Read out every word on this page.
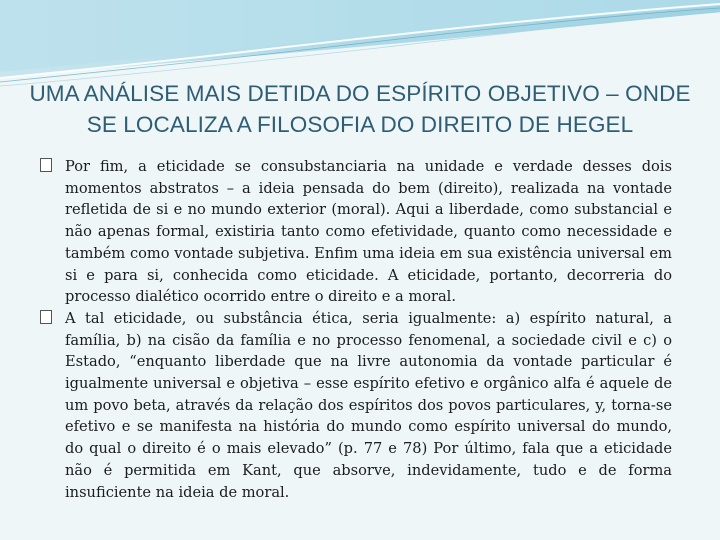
UMA ANÁLISE MAIS DETIDA DO ESPÍRITO OBJETIVO – ONDE SE LOCALIZA A FILOSOFIA DO DIREITO DE HEGEL
Por fim, a eticidade se consubstanciaria na unidade e verdade desses dois momentos abstratos – a ideia pensada do bem (direito), realizada na vontade refletida de si e no mundo exterior (moral). Aqui a liberdade, como substancial e não apenas formal, existiria tanto como efetividade, quanto como necessidade e também como vontade subjetiva. Enfim uma ideia em sua existência universal em si e para si, conhecida como eticidade. A eticidade, portanto, decorreria do processo dialético ocorrido entre o direito e a moral.
A tal eticidade, ou substância ética, seria igualmente: a) espírito natural, a família, b) na cisão da família e no processo fenomenal, a sociedade civil e c) o Estado, “enquanto liberdade que na livre autonomia da vontade particular é igualmente universal e objetiva – esse espírito efetivo e orgânico alfa é aquele de um povo beta, através da relação dos espíritos dos povos particulares, y, torna-se efetivo e se manifesta na história do mundo como espírito universal do mundo, do qual o direito é o mais elevado” (p. 77 e 78) Por último, fala que a eticidade não é permitida em Kant, que absorve, indevidamente, tudo e de forma insuficiente na ideia de moral.
